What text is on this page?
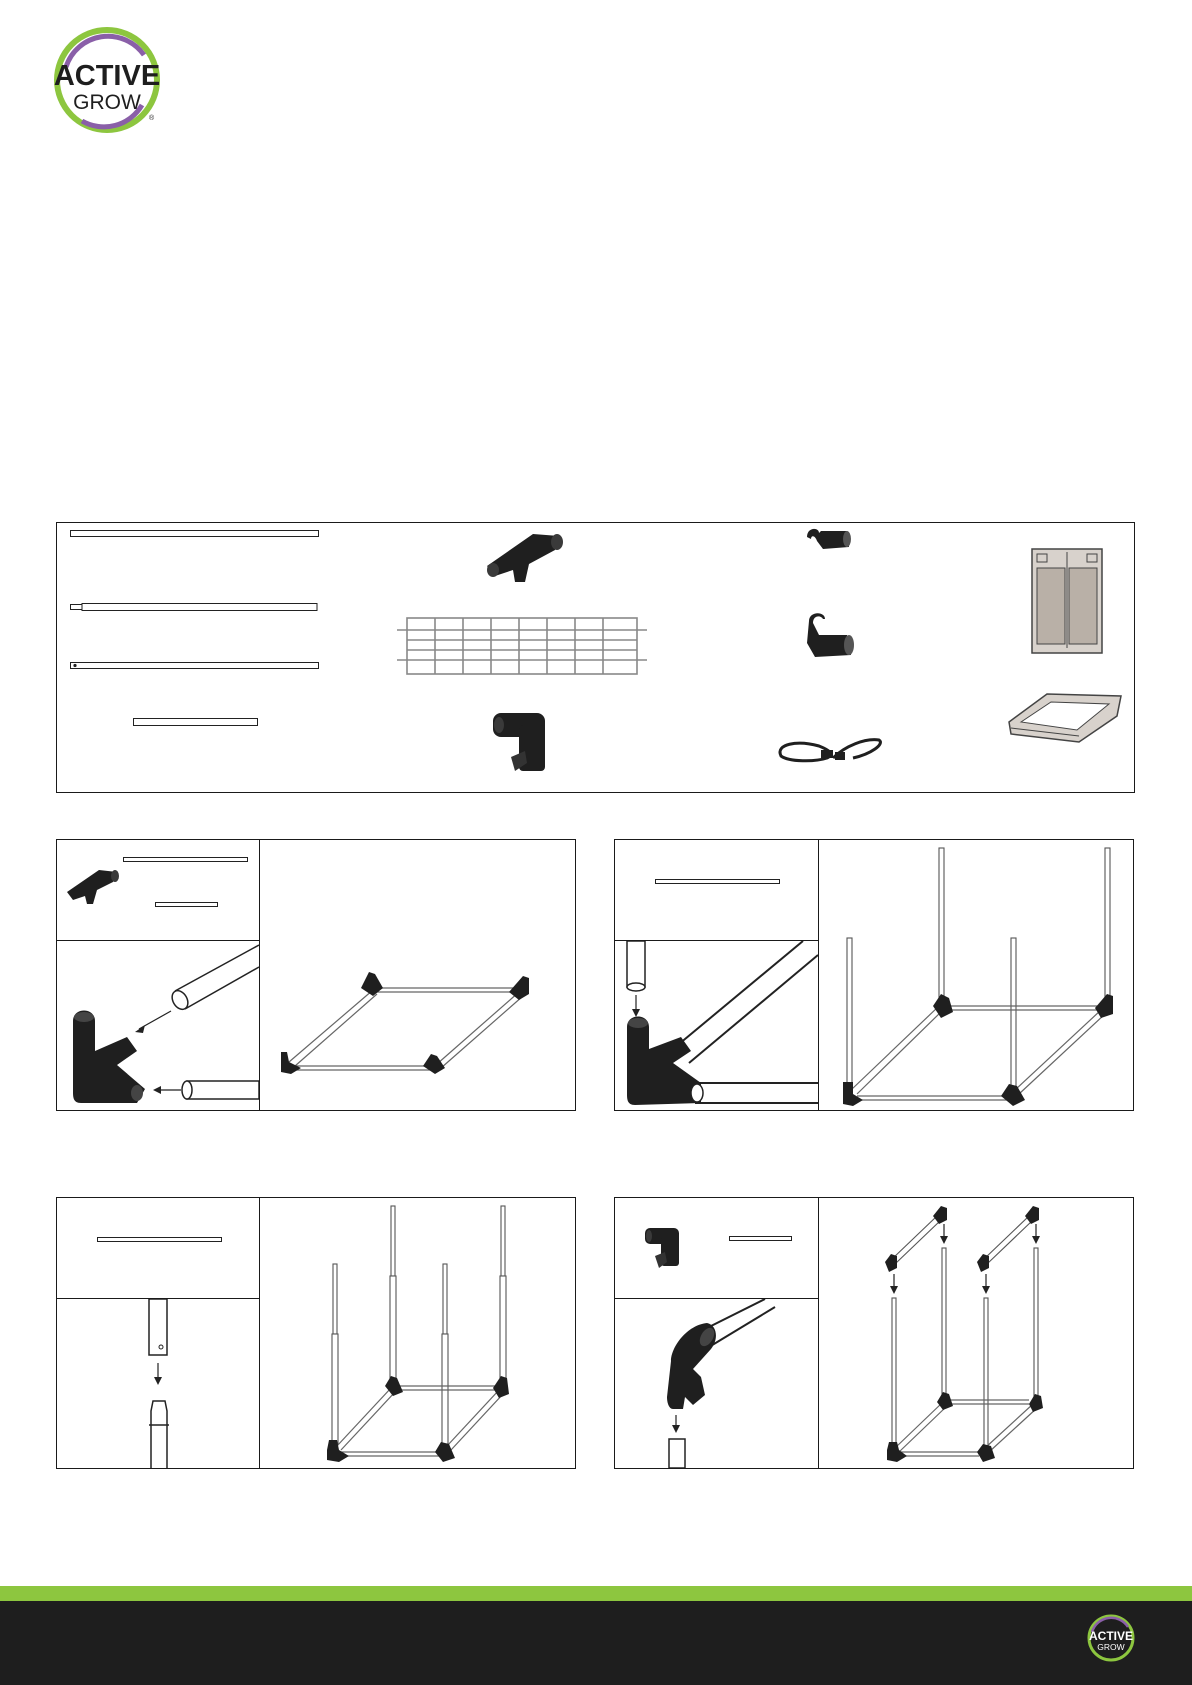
ACTIVE
GROW
®
ACTIVE
GROW
